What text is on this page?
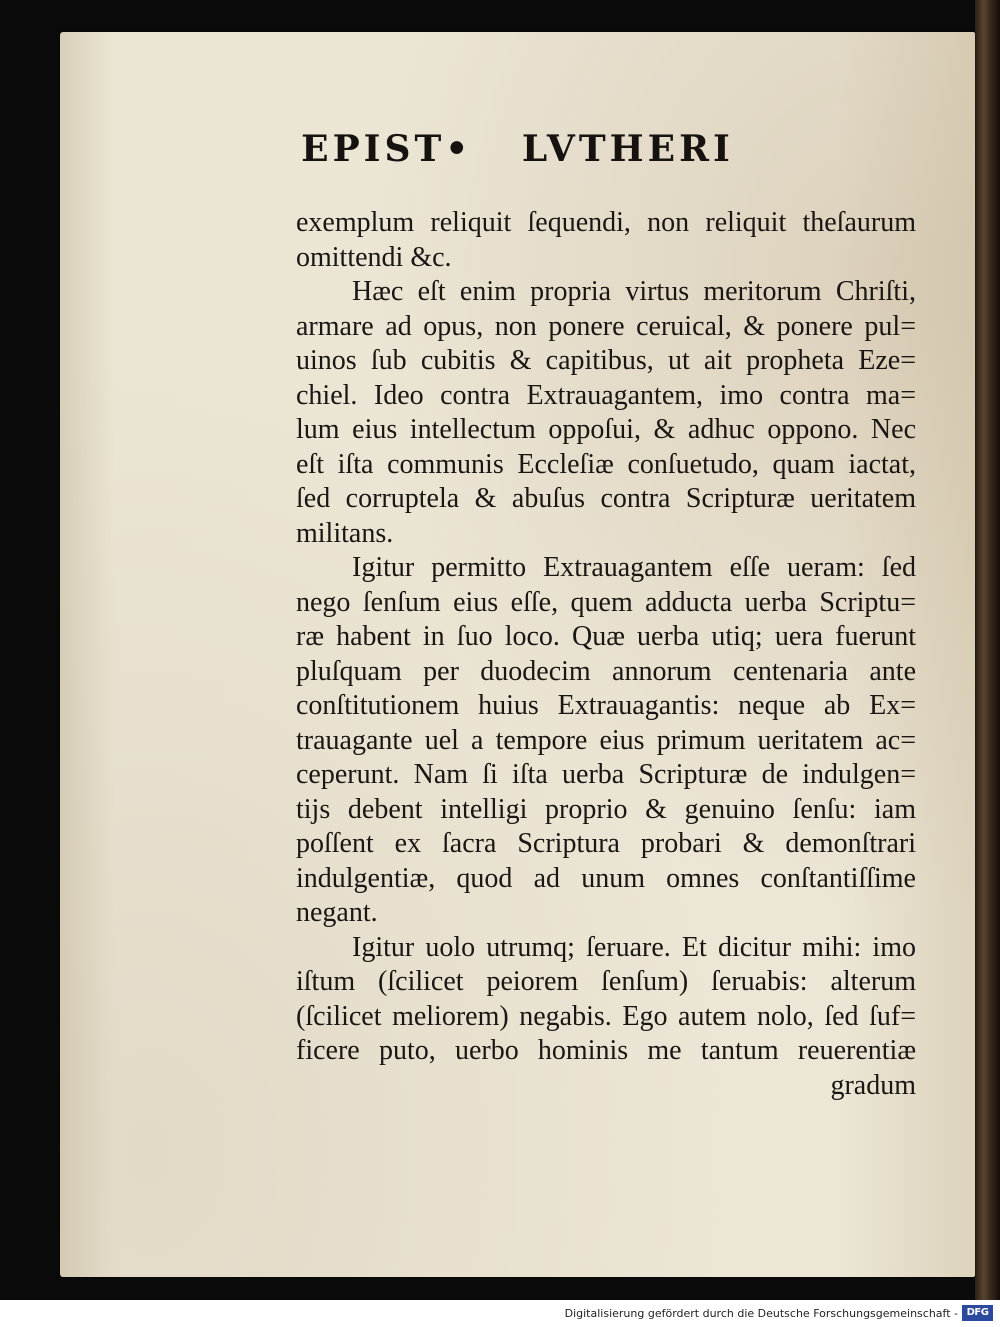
EPIST•   LVTHERI
exemplum reliquit ſequendi, non reliquit theſaurum
omittendi &c.
Hæc eſt enim propria virtus meritorum Chriſti,
armare ad opus, non ponere ceruical, & ponere pul=
uinos ſub cubitis & capitibus, ut ait propheta Eze=
chiel. Ideo contra Extrauagantem, imo contra ma=
lum eius intellectum oppoſui, & adhuc oppono. Nec
eſt iſta communis Eccleſiæ conſuetudo, quam iactat,
ſed corruptela & abuſus contra Scripturæ ueritatem
militans.
Igitur permitto Extrauagantem eſſe ueram: ſed
nego ſenſum eius eſſe, quem adducta uerba Scriptu=
ræ habent in ſuo loco. Quæ uerba utiq; uera fuerunt
pluſquam per duodecim annorum centenaria ante
conſtitutionem huius Extrauagantis: neque ab Ex=
trauagante uel a tempore eius primum ueritatem ac=
ceperunt. Nam ſi iſta uerba Scripturæ de indulgen=
tijs debent intelligi proprio & genuino ſenſu: iam
poſſent ex ſacra Scriptura probari & demonſtrari
indulgentiæ, quod ad unum omnes conſtantiſſime
negant.
Igitur uolo utrumq; ſeruare. Et dicitur mihi: imo
iſtum (ſcilicet peiorem ſenſum) ſeruabis: alterum
(ſcilicet meliorem) negabis. Ego autem nolo, ſed ſuf=
ficere puto, uerbo hominis me tantum reuerentiæ
gradum
Digitalisierung gefördert durch die Deutsche Forschungsgemeinschaft - DFG
